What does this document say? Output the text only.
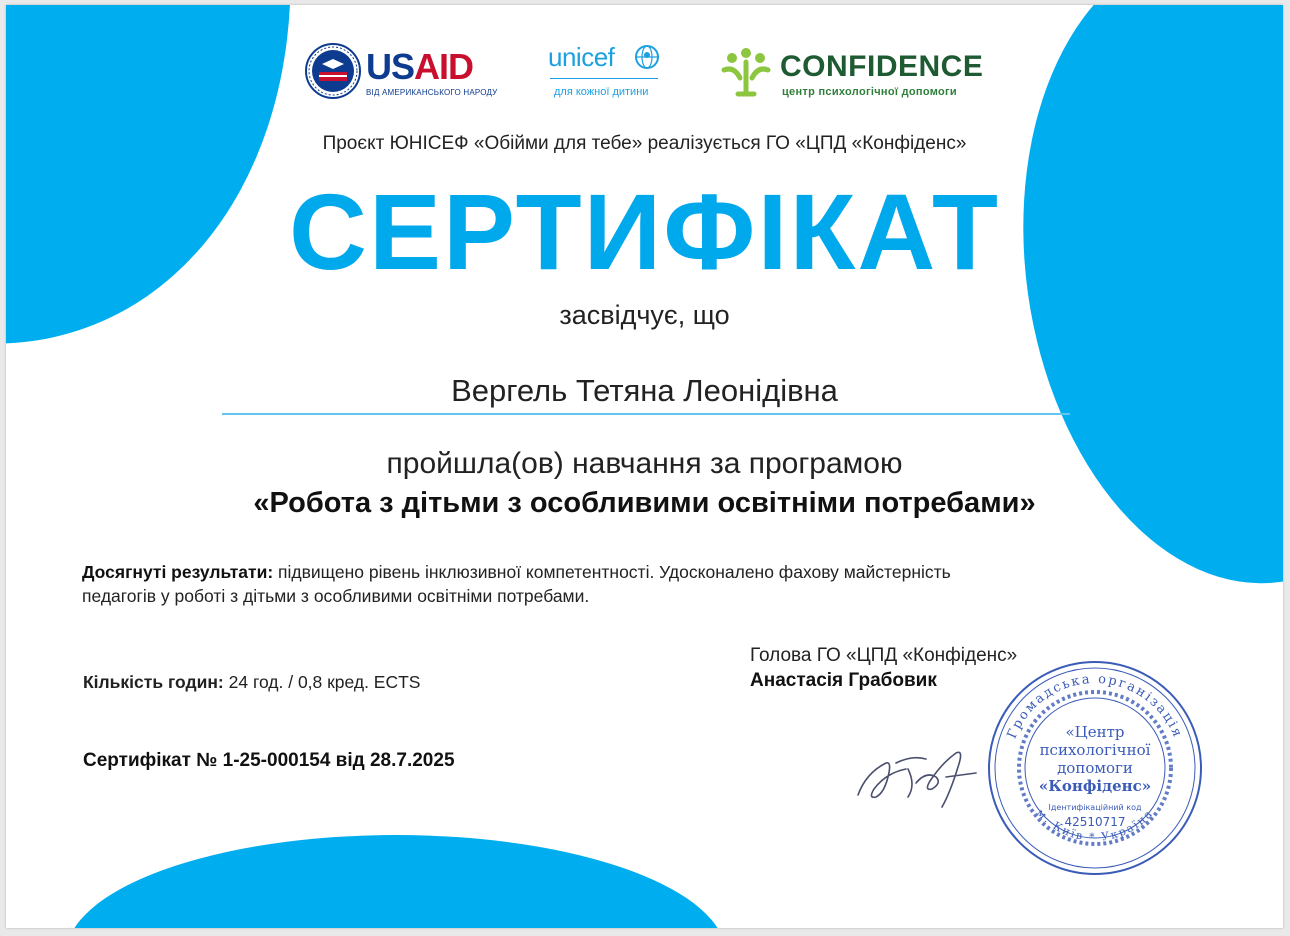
USAID
ВІД АМЕРИКАНСЬКОГО НАРОДУ
unicef
для кожної дитини
CONFIDENCE
центр психологічної допомоги
Проєкт ЮНІСЕФ «Обійми для тебе» реалізується ГО «ЦПД «Конфіденс»
СЕРТИФІКАТ
засвідчує, що
Вергель Тетяна Леонідівна
пройшла(ов) навчання за програмою
«Робота з дітьми з особливими освітніми потребами»
Досягнуті результати: підвищено рівень інклюзивної компетентності. Удосконалено фахову майстерність педагогів у роботі з дітьми з особливими освітніми потребами.
Кількість годин: 24 год. / 0,8 кред. ECTS
Сертифікат № 1-25-000154 від 28.7.2025
Голова ГО «ЦПД «Конфіденс»
Анастасія Грабовик
Громадська організація
м. Київ * Україна
«Центр
психологічної
допомоги
«Конфіденс»
Ідентифікаційний код
42510717
